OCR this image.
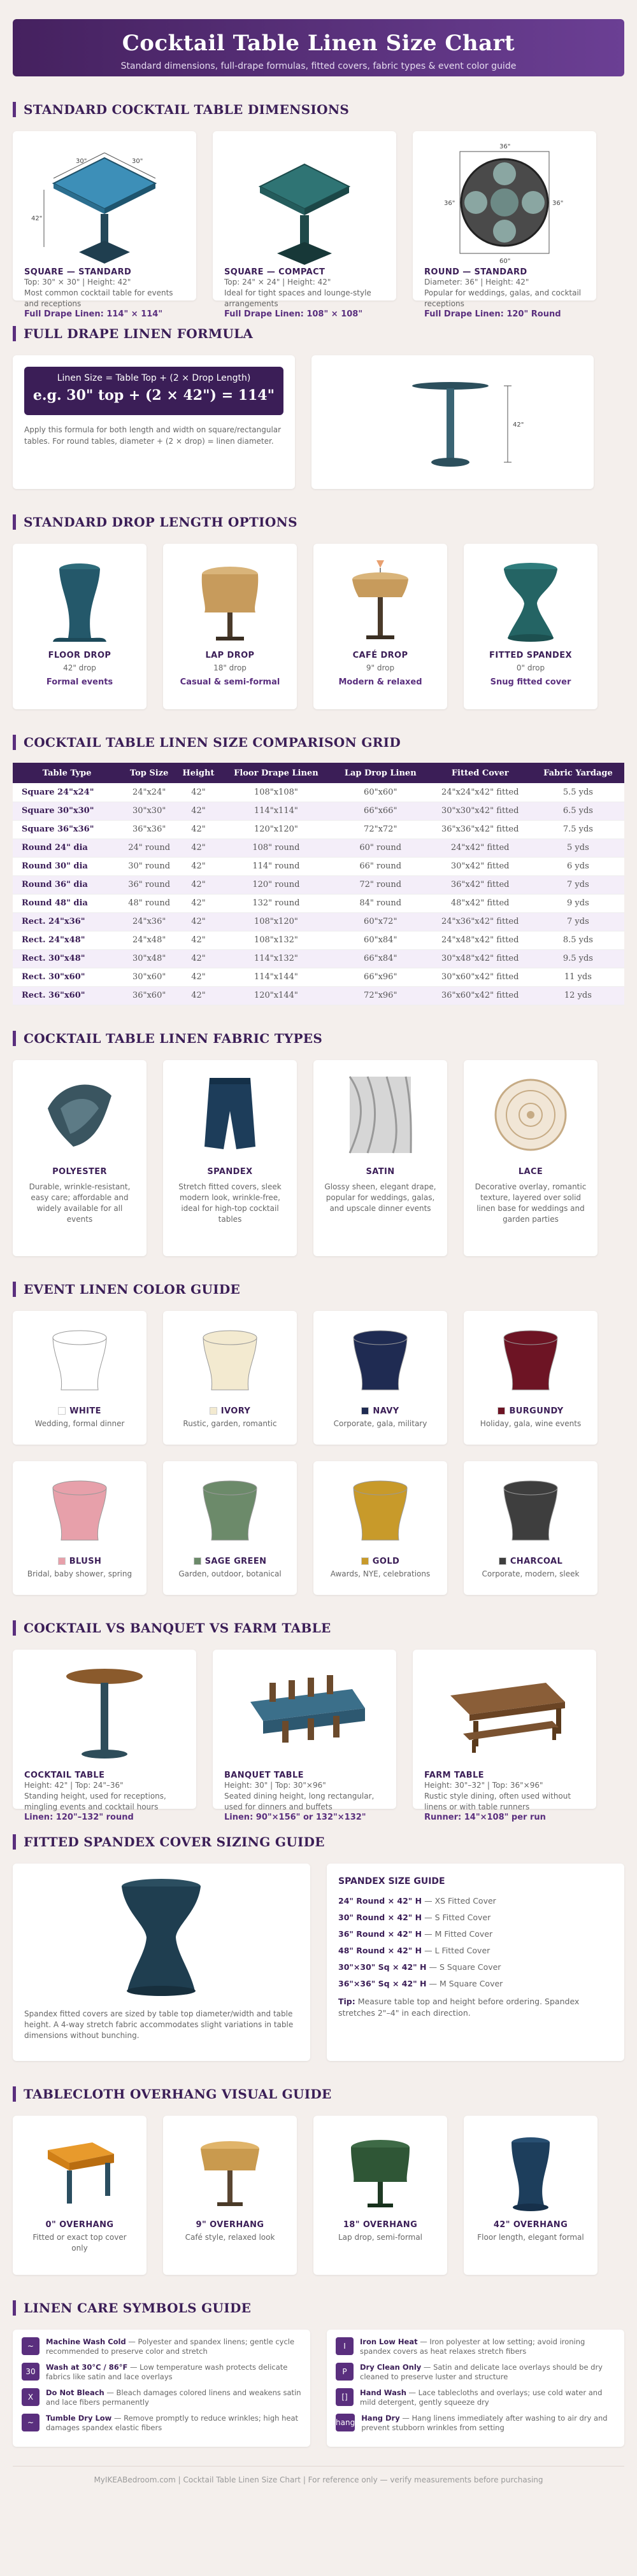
Cocktail Table Linen Size Chart

Standard dimensions, full-drape formulas, fitted covers, fabric types & event color guide

STANDARD COCKTAIL TABLE DIMENSIONS
30"	30"
42"
SQUARE — STANDARD
Top: 30" × 30" | Height: 42"
Most common cocktail table for events and receptions
Full Drape Linen: 114" × 114"
SQUARE — COMPACT
Top: 24" × 24" | Height: 42"
Ideal for tight spaces and lounge-style arrangements
Full Drape Linen: 108" × 108"
36"
60"
36"	36"
ROUND — STANDARD
Diameter: 36" | Height: 42"
Popular for weddings, galas, and cocktail receptions
Full Drape Linen: 120" Round
FULL DRAPE LINEN FORMULA
Linen Size = Table Top + (2 × Drop Length)
e.g. 30" top + (2 × 42") = 114"
Apply this formula for both length and width on square/rectangular tables. For round tables, diameter + (2 × drop) = linen diameter.
42"
STANDARD DROP LENGTH OPTIONS
FLOOR DROP
42" drop
Formal events
LAP DROP
18" drop
Casual & semi-formal
CAFÉ DROP
9" drop
Modern & relaxed
FITTED SPANDEX
0" drop
Snug fitted cover
COCKTAIL TABLE LINEN SIZE COMPARISON GRID
Table Type	Top Size	Height	Floor Drape Linen	Lap Drop Linen	Fitted Cover	Fabric Yardage
Square 24"x24"	24"x24"	42"	108"x108"	60"x60"	24"x24"x42" fitted	5.5 yds
Square 30"x30"	30"x30"	42"	114"x114"	66"x66"	30"x30"x42" fitted	6.5 yds
Square 36"x36"	36"x36"	42"	120"x120"	72"x72"	36"x36"x42" fitted	7.5 yds
Round 24" dia	24" round	42"	108" round	60" round	24"x42" fitted	5 yds
Round 30" dia	30" round	42"	114" round	66" round	30"x42" fitted	6 yds
Round 36" dia	36" round	42"	120" round	72" round	36"x42" fitted	7 yds
Round 48" dia	48" round	42"	132" round	84" round	48"x42" fitted	9 yds
Rect. 24"x36"	24"x36"	42"	108"x120"	60"x72"	24"x36"x42" fitted	7 yds
Rect. 24"x48"	24"x48"	42"	108"x132"	60"x84"	24"x48"x42" fitted	8.5 yds
Rect. 30"x48"	30"x48"	42"	114"x132"	66"x84"	30"x48"x42" fitted	9.5 yds
Rect. 30"x60"	30"x60"	42"	114"x144"	66"x96"	30"x60"x42" fitted	11 yds
Rect. 36"x60"	36"x60"	42"	120"x144"	72"x96"	36"x60"x42" fitted	12 yds
COCKTAIL TABLE LINEN FABRIC TYPES
POLYESTER
Durable, wrinkle-resistant, easy care; affordable and widely available for all events
SPANDEX
Stretch fitted covers, sleek modern look, wrinkle-free, ideal for high-top cocktail tables
SATIN
Glossy sheen, elegant drape, popular for weddings, galas, and upscale dinner events
LACE
Decorative overlay, romantic texture, layered over solid linen base for weddings and garden parties
EVENT LINEN COLOR GUIDE
WHITE
Wedding, formal dinner
IVORY
Rustic, garden, romantic
NAVY
Corporate, gala, military
BURGUNDY
Holiday, gala, wine events
BLUSH
Bridal, baby shower, spring
SAGE GREEN
Garden, outdoor, botanical
GOLD
Awards, NYE, celebrations
CHARCOAL
Corporate, modern, sleek
COCKTAIL VS BANQUET VS FARM TABLE
COCKTAIL TABLE
Height: 42" | Top: 24"–36"
Standing height, used for receptions, mingling events and cocktail hours
Linen: 120"–132" round
BANQUET TABLE
Height: 30" | Top: 30"×96"
Seated dining height, long rectangular, used for dinners and buffets
Linen: 90"×156" or 132"×132"
FARM TABLE
Height: 30"–32" | Top: 36"×96"
Rustic style dining, often used without linens or with table runners
Runner: 14"×108" per run
FITTED SPANDEX COVER SIZING GUIDE
Spandex fitted covers are sized by table top diameter/width and table height. A 4-way stretch fabric accommodates slight variations in table dimensions without bunching.
SPANDEX SIZE GUIDE
24" Round × 42" H — XS Fitted Cover
30" Round × 42" H — S Fitted Cover
36" Round × 42" H — M Fitted Cover
48" Round × 42" H — L Fitted Cover
30"×30" Sq × 42" H — S Square Cover
36"×36" Sq × 42" H — M Square Cover
Tip: Measure table top and height before ordering. Spandex stretches 2"–4" in each direction.
TABLECLOTH OVERHANG VISUAL GUIDE
0" OVERHANG
Fitted or exact top cover only
9" OVERHANG
Café style, relaxed look
18" OVERHANG
Lap drop, semi-formal
42" OVERHANG
Floor length, elegant formal
LINEN CARE SYMBOLS GUIDE
~	Machine Wash Cold — Polyester and spandex linens; gentle cycle recommended to preserve color and stretch
30	Wash at 30°C / 86°F — Low temperature wash protects delicate fabrics like satin and lace overlays
X	Do Not Bleach — Bleach damages colored linens and weakens satin and lace fibers permanently
~	Tumble Dry Low — Remove promptly to reduce wrinkles; high heat damages spandex elastic fibers
I	Iron Low Heat — Iron polyester at low setting; avoid ironing spandex covers as heat relaxes stretch fibers
P	Dry Clean Only — Satin and delicate lace overlays should be dry cleaned to preserve luster and structure
[]	Hand Wash — Lace tablecloths and overlays; use cold water and mild detergent, gently squeeze dry
hang Hang Dry — Hang linens immediately after washing to air dry and prevent stubborn wrinkles from setting
MyIKEABedroom.com | Cocktail Table Linen Size Chart | For reference only — verify measurements before purchasing
